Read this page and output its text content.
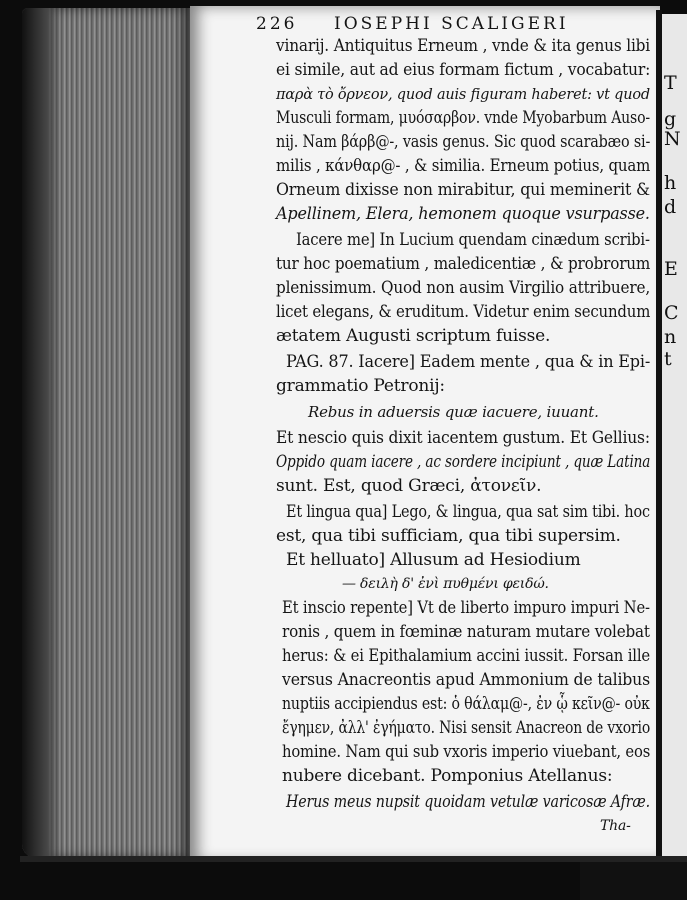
T
g
N
h
d
E
C
n
t
226 IOSEPHI SCALIGERI
vinarij. Antiquitus Erneum , vnde & ita genus libi
ei simile, aut ad eius formam fictum , vocabatur:
παρὰ τὸ ὄρνεον, quod auis figuram haberet: vt quod
Musculi formam, μυόσαρβον. vnde Myobarbum Auso-
nij. Nam βάρβ@-, vasis genus. Sic quod scarabæo si-
milis , κάνθαρ@- , & similia. Erneum potius, quam
Orneum dixisse non mirabitur, qui meminerit &
Apellinem, Elera, hemonem quoque vsurpasse.
Iacere me] In Lucium quendam cinædum scribi-
tur hoc poematium , maledicentiæ , & probrorum
plenissimum. Quod non ausim Virgilio attribuere,
licet elegans, & eruditum. Videtur enim secundum
ætatem Augusti scriptum fuisse.
PAG. 87. Iacere] Eadem mente , qua & in Epi-
grammatio Petronij:
Rebus in aduersis quæ iacuere, iuuant.
Et nescio quis dixit iacentem gustum. Et Gellius:
Oppido quam iacere , ac sordere incipiunt , quæ Latina
sunt. Est, quod Græci, ἀτονεῖν.
Et lingua qua] Lego, & lingua, qua sat sim tibi. hoc
est, qua tibi sufficiam, qua tibi supersim.
Et helluato] Allusum ad Hesiodium
— δειλὴ δ' ἐνὶ πυθμένι φειδώ.
Et inscio repente] Vt de liberto impuro impuri Ne-
ronis , quem in fœminæ naturam mutare volebat
herus: & ei Epithalamium accini iussit. Forsan ille
versus Anacreontis apud Ammonium de talibus
nuptiis accipiendus est: ὁ θάλαμ@-, ἐν ᾧ κεῖν@- οὐκ
ἔγημεν, ἀλλ' ἐγήματο. Nisi sensit Anacreon de vxorio
homine. Nam qui sub vxoris imperio viuebant, eos
nubere dicebant. Pomponius Atellanus:
Herus meus nupsit quoidam vetulæ varicosæ Afræ.
Tha-
